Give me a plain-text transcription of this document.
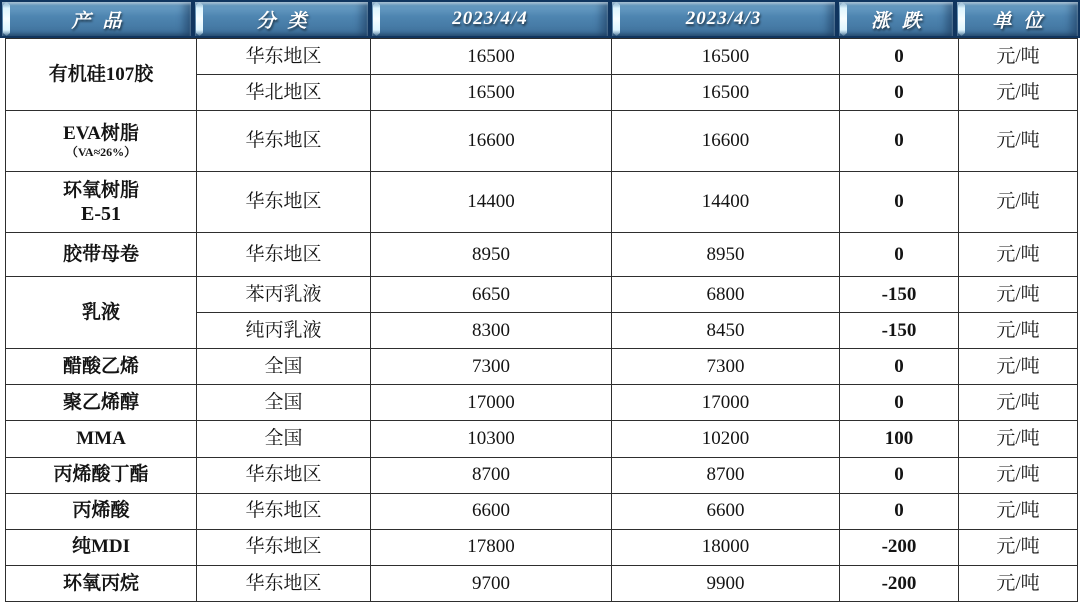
产品	分类	2023/4/4	2023/4/3	涨跌	单位
有机硅107胶	华东地区	16500	16500	0	元/吨
	华北地区	16500	16500	0	元/吨

EVA树脂
（VA≈26%）	华东地区	16600	16600	0	元/吨

环氧树脂
E-51	华东地区	14400	14400	0	元/吨

胶带母卷	华东地区	8950	8950	0	元/吨

乳液	苯丙乳液	6650	6800	-150	元/吨
	纯丙乳液	8300	8450	-150	元/吨

醋酸乙烯	全国	7300	7300	0	元/吨

聚乙烯醇	全国	17000	17000	0	元/吨

MMA	全国	10300	10200	100	元/吨

丙烯酸丁酯	华东地区	8700	8700	0	元/吨

丙烯酸	华东地区	6600	6600	0	元/吨

纯MDI	华东地区	17800	18000	-200	元/吨

环氧丙烷	华东地区	9700	9900	-200	元/吨
